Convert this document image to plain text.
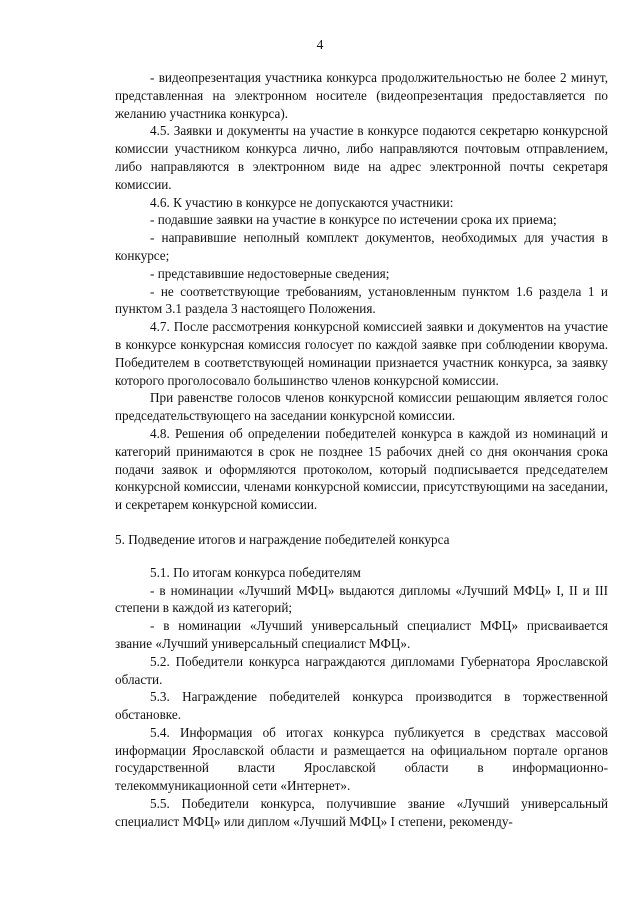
4

- видеопрезентация участника конкурса продолжительностью не более 2 минут, представленная на электронном носителе (видеопрезентация предоставляется по желанию участника конкурса).

4.5. Заявки и документы на участие в конкурсе подаются секретарю конкурсной комиссии участником конкурса лично, либо направляются почтовым отправлением, либо направляются в электронном виде на адрес электронной почты секретаря комиссии.

4.6. К участию в конкурсе не допускаются участники:

- подавшие заявки на участие в конкурсе по истечении срока их приема;

- направившие неполный комплект документов, необходимых для участия в конкурсе;

- представившие недостоверные сведения;

- не соответствующие требованиям, установленным пунктом 1.6 раздела 1 и пунктом 3.1 раздела 3 настоящего Положения.

4.7. После рассмотрения конкурсной комиссией заявки и документов на участие в конкурсе конкурсная комиссия голосует по каждой заявке при соблюдении кворума. Победителем в соответствующей номинации признается участник конкурса, за заявку которого проголосовало большинство членов конкурсной комиссии.

При равенстве голосов членов конкурсной комиссии решающим является голос председательствующего на заседании конкурсной комиссии.

4.8. Решения об определении победителей конкурса в каждой из номинаций и категорий принимаются в срок не позднее 15 рабочих дней со дня окончания срока подачи заявок и оформляются протоколом, который подписывается председателем конкурсной комиссии, членами конкурсной комиссии, присутствующими на заседании, и секретарем конкурсной комиссии.

5. Подведение итогов и награждение победителей конкурса

5.1. По итогам конкурса победителям

- в номинации «Лучший МФЦ» выдаются дипломы «Лучший МФЦ» I, II и III степени в каждой из категорий;

- в номинации «Лучший универсальный специалист МФЦ» присваивается звание «Лучший универсальный специалист МФЦ».

5.2. Победители конкурса награждаются дипломами Губернатора Ярославской области.

5.3. Награждение победителей конкурса производится в торжественной обстановке.

5.4. Информация об итогах конкурса публикуется в средствах массовой информации Ярославской области и размещается на официальном портале органов государственной власти Ярославской области в информационно-телекоммуникационной сети «Интернет».

5.5. Победители конкурса, получившие звание «Лучший универсальный специалист МФЦ» или диплом «Лучший МФЦ» I степени, рекоменду-
